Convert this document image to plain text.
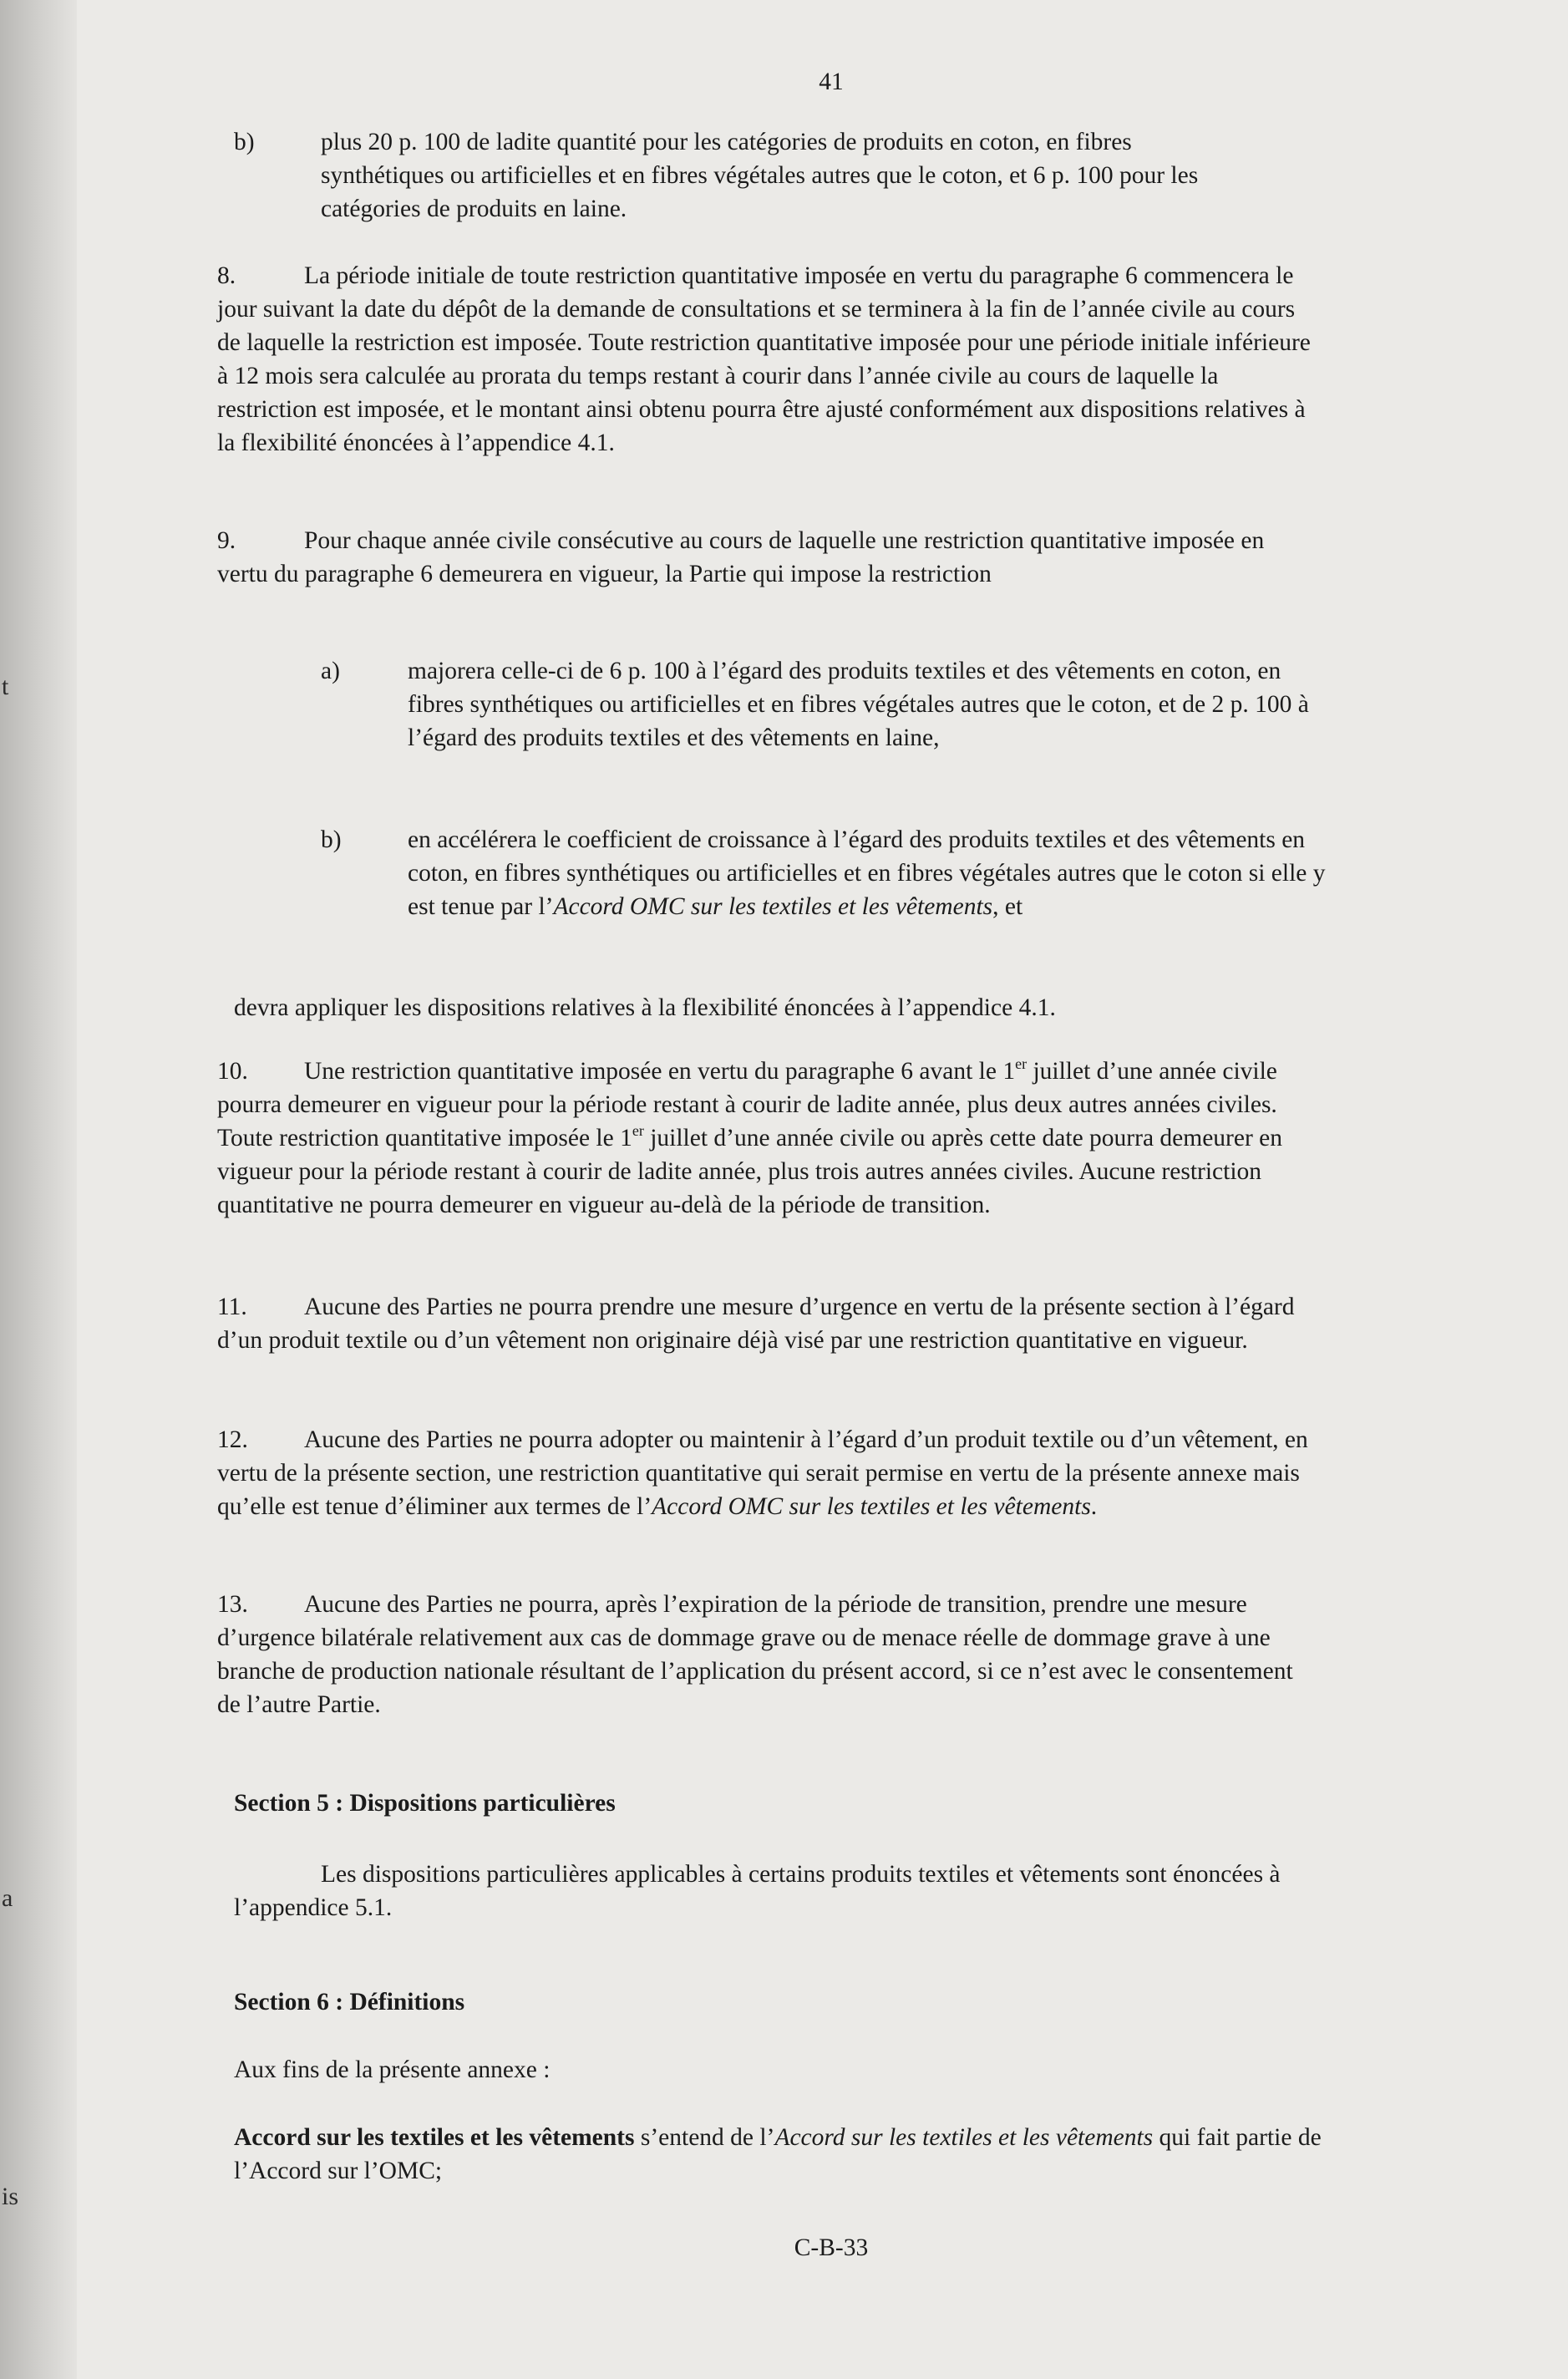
t
a
is
41
b)	plus 20 p. 100 de ladite quantité pour les catégories de produits en coton, en fibres synthétiques ou artificielles et en fibres végétales autres que le coton, et 6 p. 100 pour les catégories de produits en laine.

8.	La période initiale de toute restriction quantitative imposée en vertu du paragraphe 6 commencera le jour suivant la date du dépôt de la demande de consultations et se terminera à la fin de l’année civile au cours de laquelle la restriction est imposée. Toute restriction quantitative imposée pour une période initiale inférieure à 12 mois sera calculée au prorata du temps restant à courir dans l’année civile au cours de laquelle la restriction est imposée, et le montant ainsi obtenu pourra être ajusté conformément aux dispositions relatives à la flexibilité énoncées à l’appendice 4.1.

9.	Pour chaque année civile consécutive au cours de laquelle une restriction quantitative imposée en vertu du paragraphe 6 demeurera en vigueur, la Partie qui impose la restriction

a)	majorera celle-ci de 6 p. 100 à l’égard des produits textiles et des vêtements en coton, en fibres synthétiques ou artificielles et en fibres végétales autres que le coton, et de 2 p. 100 à l’égard des produits textiles et des vêtements en laine,
b)	en accélérera le coefficient de croissance à l’égard des produits textiles et des vêtements en coton, en fibres synthétiques ou artificielles et en fibres végétales autres que le coton si elle y est tenue par l’Accord OMC sur les textiles et les vêtements, et

devra appliquer les dispositions relatives à la flexibilité énoncées à l’appendice 4.1.

10. Une restriction quantitative imposée en vertu du paragraphe 6 avant le 1er juillet d’une année civile pourra demeurer en vigueur pour la période restant à courir de ladite année, plus deux autres années civiles. Toute restriction quantitative imposée le 1er juillet d’une année civile ou après cette date pourra demeurer en vigueur pour la période restant à courir de ladite année, plus trois autres années civiles. Aucune restriction quantitative ne pourra demeurer en vigueur au-delà de la période de transition.

11. Aucune des Parties ne pourra prendre une mesure d’urgence en vertu de la présente section à l’égard d’un produit textile ou d’un vêtement non originaire déjà visé par une restriction quantitative en vigueur.

12. Aucune des Parties ne pourra adopter ou maintenir à l’égard d’un produit textile ou d’un vêtement, en vertu de la présente section, une restriction quantitative qui serait permise en vertu de la présente annexe mais qu’elle est tenue d’éliminer aux termes de l’Accord OMC sur les textiles et les vêtements.

13. Aucune des Parties ne pourra, après l’expiration de la période de transition, prendre une mesure d’urgence bilatérale relativement aux cas de dommage grave ou de menace réelle de dommage grave à une branche de production nationale résultant de l’application du présent accord, si ce n’est avec le consentement de l’autre Partie.

Section 5 : Dispositions particulières

Les dispositions particulières applicables à certains produits textiles et vêtements sont énoncées à l’appendice 5.1.

Section 6 : Définitions
Aux fins de la présente annexe :

Accord sur les textiles et les vêtements s’entend de l’Accord sur les textiles et les vêtements qui fait partie de l’Accord sur l’OMC;

C-B-33
